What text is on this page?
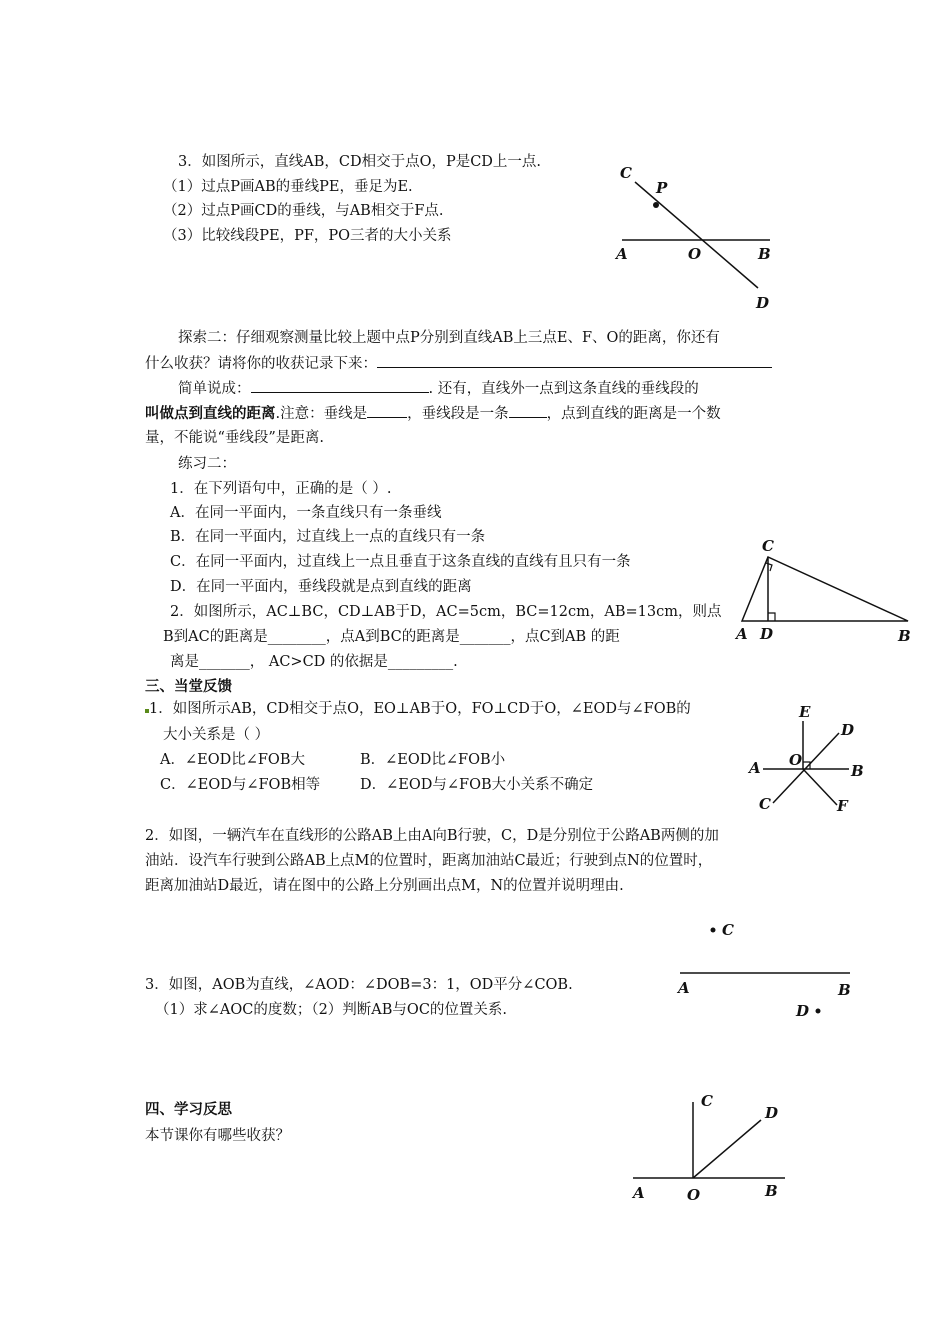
3．如图所示，直线AB，CD相交于点O，P是CD上一点.
（1）过点P画AB的垂线PE，垂足为E.
（2）过点P画CD的垂线，与AB相交于F点.
（3）比较线段PE，PF，PO三者的大小关系
C
P
A	O	B
D
探索二：仔细观察测量比较上题中点P分别到直线AB上三点E、F、O的距离，你还有
什么收获？请将你的收获记录下来：
简单说成：	. 还有，直线外一点到这条直线的垂线段的
叫做点到直线的距离.注意：垂线是	，垂线段是一条	，点到直线的距离是一个数
量，不能说“垂线段”是距离.
练习二：
1．在下列语句中，正确的是（ ）.
A．在同一平面内，一条直线只有一条垂线
B．在同一平面内，过直线上一点的直线只有一条
C．在同一平面内，过直线上一点且垂直于这条直线的直线有且只有一条
D．在同一平面内，垂线段就是点到直线的距离
2．如图所示，AC⊥BC，CD⊥AB于D，AC=5cm，BC=12cm，AB=13cm，则点
B到AC的距离是________，点A到BC的距离是_______，点C到AB 的距
离是_______， AC>CD 的依据是_________.
C
A D	B
三、当堂反馈
1．如图所示AB，CD相交于点O，EO⊥AB于O，FO⊥CD于O，∠EOD与∠FOB的
大小关系是（ ）
A．∠EOD比∠FOB大	B．∠EOD比∠FOB小
C．∠EOD与∠FOB相等	D．∠EOD与∠FOB大小关系不确定
E
D
O
A	B
C	F
2．如图，一辆汽车在直线形的公路AB上由A向B行驶，C，D是分别位于公路AB两侧的加
油站．设汽车行驶到公路AB上点M的位置时，距离加油站C最近；行驶到点N的位置时，
距离加油站D最近，请在图中的公路上分别画出点M，N的位置并说明理由.
C
A	B
D
3．如图，AOB为直线，∠AOD：∠DOB=3：1，OD平分∠COB.
（1）求∠AOC的度数；（2）判断AB与OC的位置关系.
四、学习反思
本节课你有哪些收获？
C
D
A	O	B
